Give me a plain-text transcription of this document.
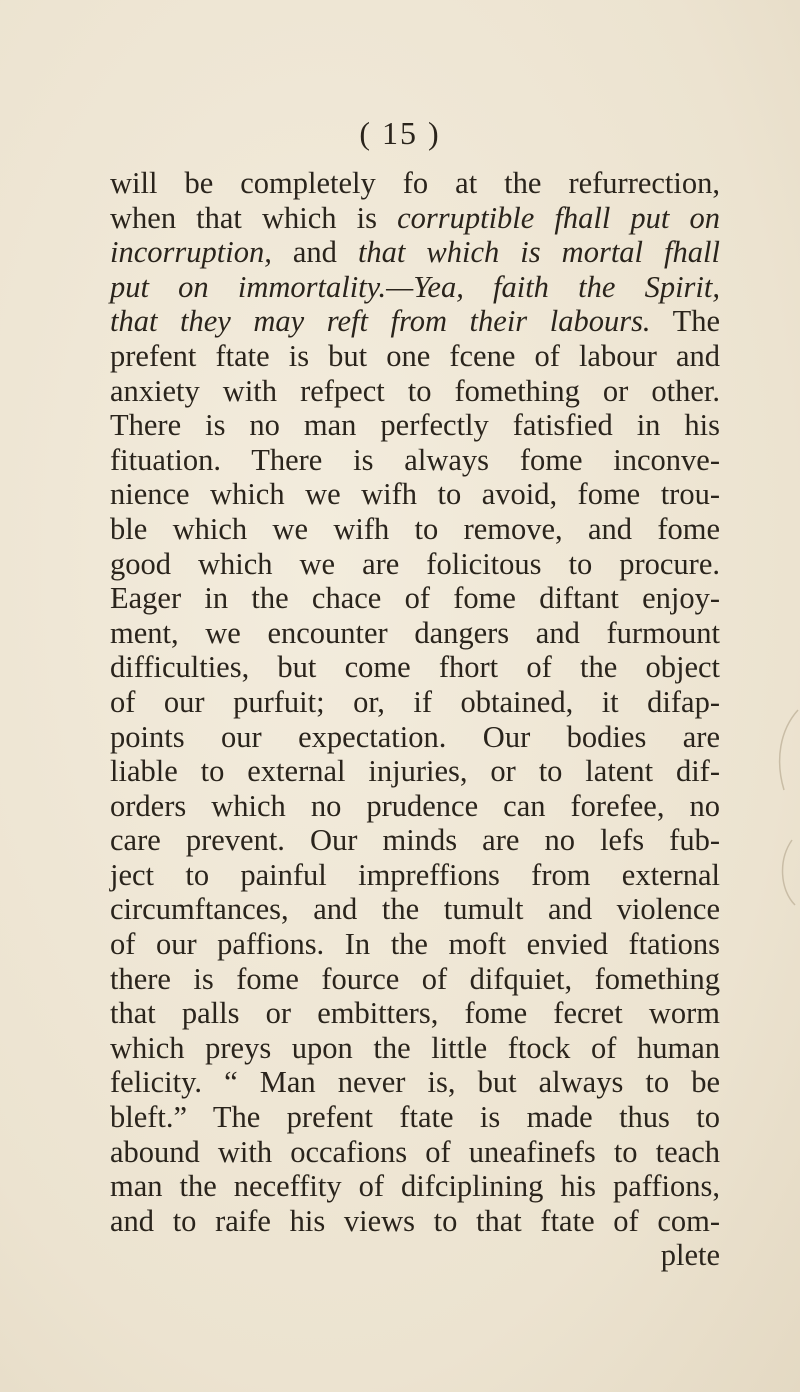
( 15 )
will be completely fo at the refurrection,
when that which is corruptible fhall put on
incorruption, and that which is mortal fhall
put on immortality.—Yea, faith the Spirit,
that they may reft from their labours. The
prefent ftate is but one fcene of labour and
anxiety with refpect to fomething or other.
There is no man perfectly fatisfied in his
fituation. There is always fome inconve-
nience which we wifh to avoid, fome trou-
ble which we wifh to remove, and fome
good which we are folicitous to procure.
Eager in the chace of fome diftant enjoy-
ment, we encounter dangers and furmount
difficulties, but come fhort of the object
of our purfuit; or, if obtained, it difap-
points our expectation. Our bodies are
liable to external injuries, or to latent dif-
orders which no prudence can forefee, no
care prevent. Our minds are no lefs fub-
ject to painful impreffions from external
circumftances, and the tumult and violence
of our paffions. In the moft envied ftations
there is fome fource of difquiet, fomething
that palls or embitters, fome fecret worm
which preys upon the little ftock of human
felicity. “ Man never is, but always to be
bleft.” The prefent ftate is made thus to
abound with occafions of uneafinefs to teach
man the neceffity of difciplining his paffions,
and to raife his views to that ftate of com-
plete
